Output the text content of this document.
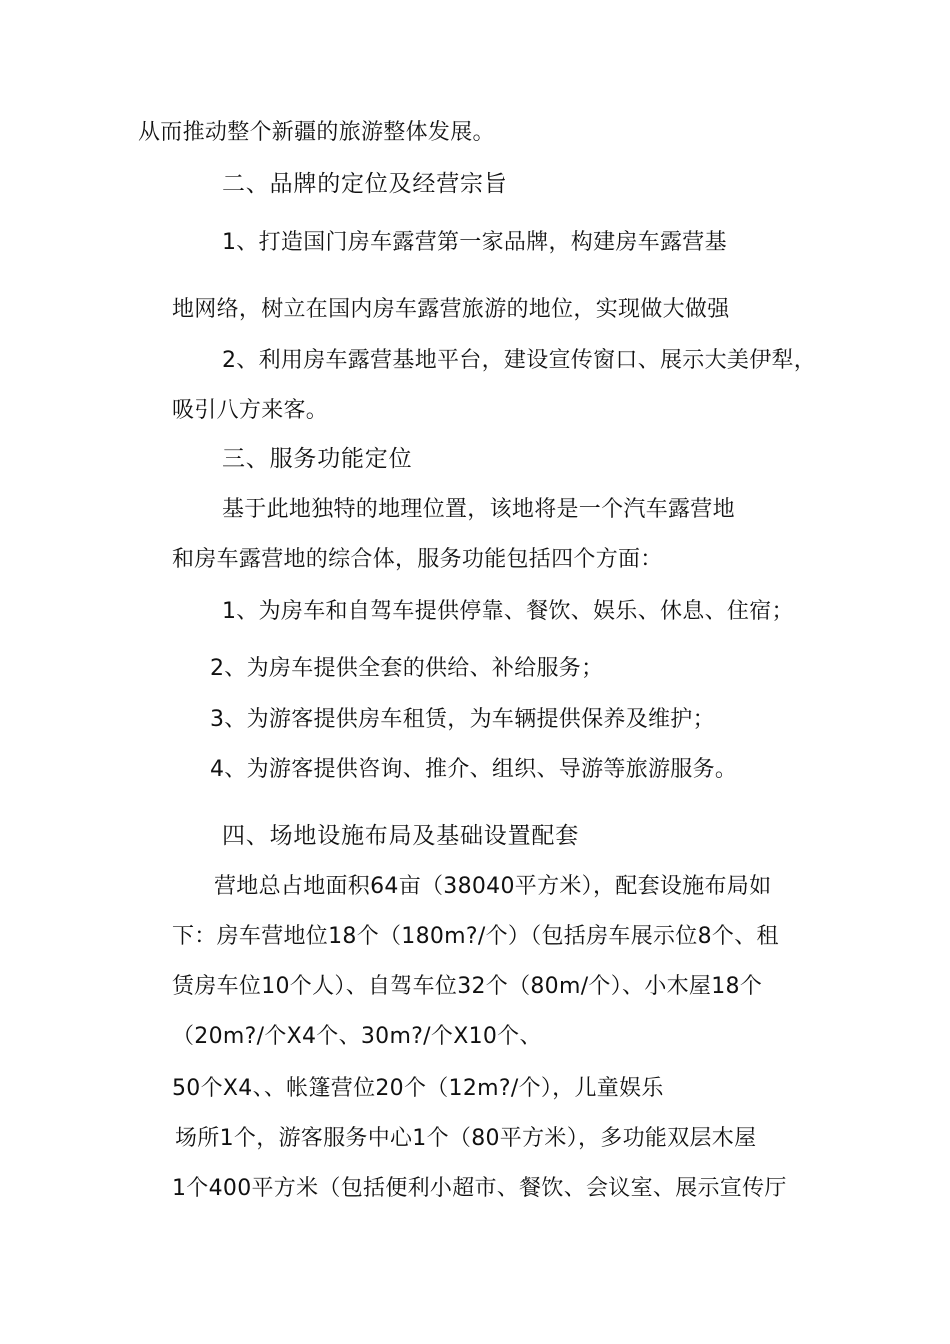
从而推动整个新疆的旅游整体发展。
二、品牌的定位及经营宗旨
1、打造国门房车露营第一家品牌，构建房车露营基
地网络，树立在国内房车露营旅游的地位，实现做大做强
2、利用房车露营基地平台，建设宣传窗口、展示大美伊犁，
吸引八方来客。
三、服务功能定位
基于此地独特的地理位置，该地将是一个汽车露营地
和房车露营地的综合体，服务功能包括四个方面：
1、为房车和自驾车提供停靠、餐饮、娱乐、休息、住宿；
2、为房车提供全套的供给、补给服务；
3、为游客提供房车租赁，为车辆提供保养及维护；
4、为游客提供咨询、推介、组织、导游等旅游服务。
四、场地设施布局及基础设置配套
营地总占地面积64亩（38040平方米），配套设施布局如
下：房车营地位18个（180m?/个）（包括房车展示位8个、租
赁房车位10个人）、自驾车位32个（80m/个）、小木屋18个
（20m?/个X4个、30m?/个X10个、
50个X4、、帐篷营位20个（12m?/个），儿童娱乐
场所1个，游客服务中心1个（80平方米），多功能双层木屋
1个400平方米（包括便利小超市、餐饮、会议室、展示宣传厅
